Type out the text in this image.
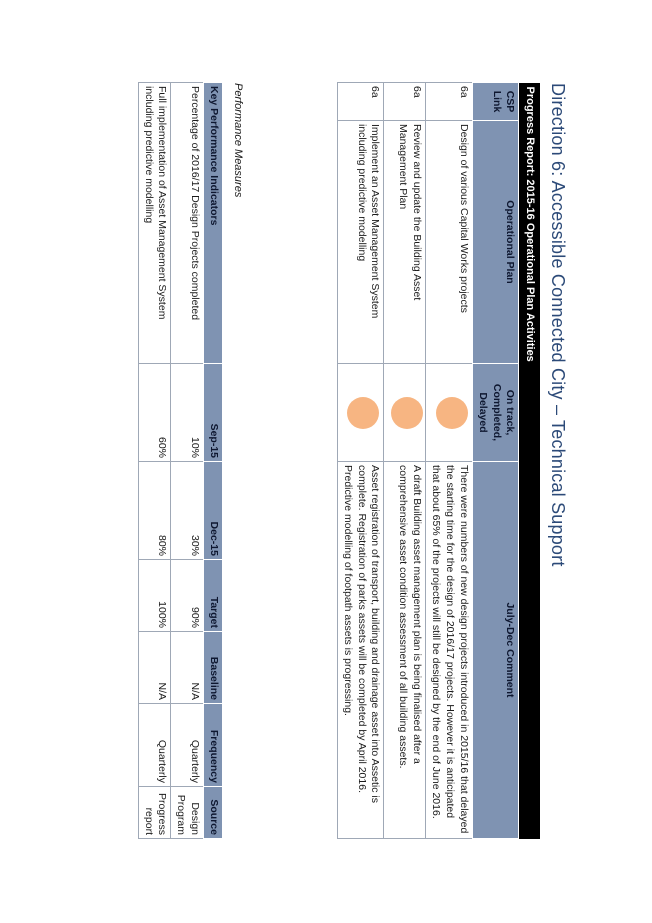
Direction 6: Accessible Connected City – Technical Support
Progress Report: 2015-16 Operational Plan Activities			
CSP Link	Operational Plan	On track, Completed, Delayed	July-Dec Comment
6a	Design of various Capital Works projects		There were numbers of new design projects introduced in 2015/16 that delayed the starting time for the design of 2016/17 projects. However it is anticipated that about 65% of the projects will still be designed by the end of June 2016.
6a	Review and update the Building Asset Management Plan		A draft Building asset management plan is being finalised after a comprehensive asset condition assessment of all building assets.
6a	Implement an Asset Management System including predictive modelling		Asset registration of transport, building and drainage asset into Assetic is complete. Registration of parks assets will be completed by April 2016. Predictive modelling of footpath assets is progressing.
Performance Measures
Key Performance Indicators	Sep-15	Dec-15	Target	Baseline	Frequency	Source
Percentage of 2016/17 Design Projects completed	10%	30%	90%	N/A	Quarterly	Design Program
Full implementation of Asset Management System including predictive modelling	60%	80%	100%	N/A	Quarterly	Progress report
